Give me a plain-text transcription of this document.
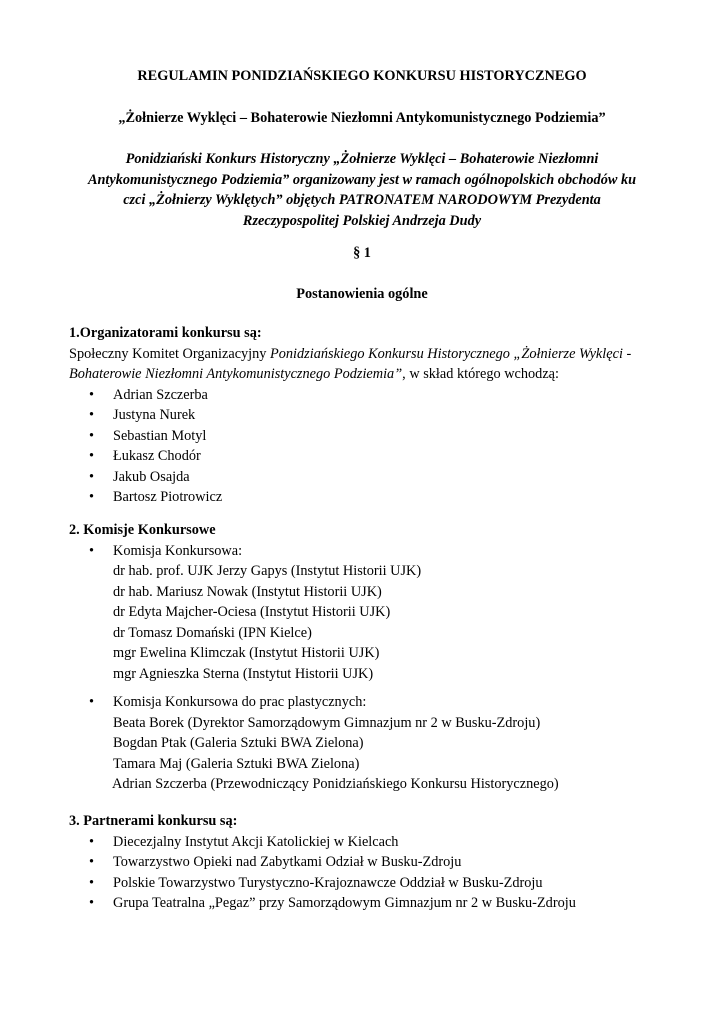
REGULAMIN PONIDZIAŃSKIEGO KONKURSU HISTORYCZNEGO
„Żołnierze Wyklęci – Bohaterowie Niezłomni Antykomunistycznego Podziemia”
Ponidziański Konkurs Historyczny „Żołnierze Wyklęci – Bohaterowie Niezłomni
Antykomunistycznego Podziemia” organizowany jest w ramach ogólnopolskich obchodów ku
czci „Żołnierzy Wyklętych” objętych PATRONATEM NARODOWYM Prezydenta
Rzeczypospolitej Polskiej Andrzeja Dudy
§ 1
Postanowienia ogólne
1.Organizatorami konkursu są:

Społeczny Komitet Organizacyjny Ponidziańskiego Konkursu Historycznego „Żołnierze Wyklęci -
Bohaterowie Niezłomni Antykomunistycznego Podziemia”, w skład którego wchodzą:

• Adrian Szczerba
• Justyna Nurek
• Sebastian Motyl
• Łukasz Chodór
• Jakub Osajda
• Bartosz Piotrowicz
2. Komisje Konkursowe
• Komisja Konkursowa:
dr hab. prof. UJK Jerzy Gapys (Instytut Historii UJK)
dr hab. Mariusz Nowak (Instytut Historii UJK)
dr Edyta Majcher-Ociesa (Instytut Historii UJK)
dr Tomasz Domański (IPN Kielce)
mgr Ewelina Klimczak (Instytut Historii UJK)
mgr Agnieszka Sterna (Instytut Historii UJK)
• Komisja Konkursowa do prac plastycznych:
Beata Borek (Dyrektor Samorządowym Gimnazjum nr 2 w Busku-Zdroju)
Bogdan Ptak (Galeria Sztuki BWA Zielona)
Tamara Maj (Galeria Sztuki BWA Zielona)
Adrian Szczerba (Przewodniczący Ponidziańskiego Konkursu Historycznego)
3. Partnerami konkursu są:
• Diecezjalny Instytut Akcji Katolickiej w Kielcach
• Towarzystwo Opieki nad Zabytkami Odział w Busku-Zdroju
• Polskie Towarzystwo Turystyczno-Krajoznawcze Oddział w Busku-Zdroju
• Grupa Teatralna „Pegaz” przy Samorządowym Gimnazjum nr 2 w Busku-Zdroju
